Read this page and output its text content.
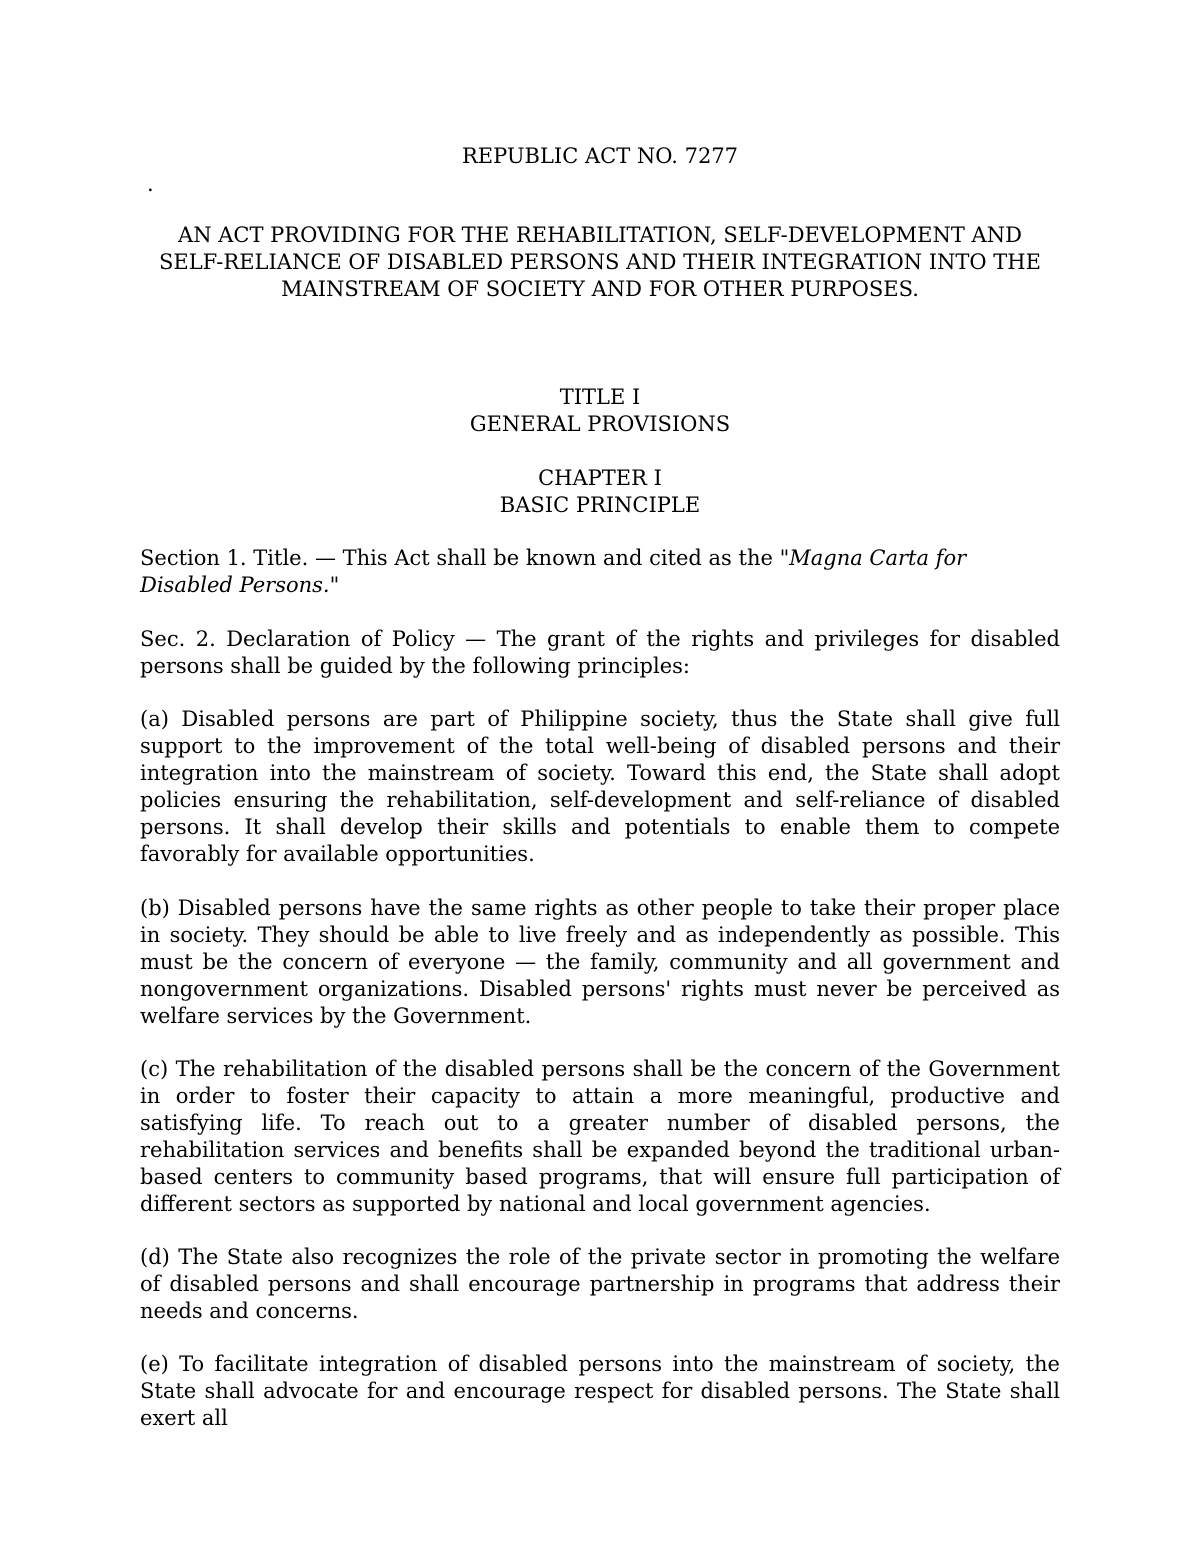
REPUBLIC ACT NO. 7277

.

AN ACT PROVIDING FOR THE REHABILITATION, SELF-DEVELOPMENT AND

SELF-RELIANCE OF DISABLED PERSONS AND THEIR INTEGRATION INTO THE

MAINSTREAM OF SOCIETY AND FOR OTHER PURPOSES.

TITLE I

GENERAL PROVISIONS

CHAPTER I

BASIC PRINCIPLE

Section 1. Title. — This Act shall be known and cited as the "Magna Carta for Disabled Persons."

Sec. 2. Declaration of Policy — The grant of the rights and privileges for disabled persons shall be guided by the following principles:

(a) Disabled persons are part of Philippine society, thus the State shall give full support to the improvement of the total well-being of disabled persons and their integration into the mainstream of society. Toward this end, the State shall adopt policies ensuring the rehabilitation, self-development and self-reliance of disabled persons. It shall develop their skills and potentials to enable them to compete favorably for available opportunities.

(b) Disabled persons have the same rights as other people to take their proper place in society. They should be able to live freely and as independently as possible. This must be the concern of everyone — the family, community and all government and nongovernment organizations. Disabled persons' rights must never be perceived as welfare services by the Government.

(c) The rehabilitation of the disabled persons shall be the concern of the Government in order to foster their capacity to attain a more meaningful, productive and satisfying life. To reach out to a greater number of disabled persons, the rehabilitation services and benefits shall be expanded beyond the traditional urban-based centers to community based programs, that will ensure full participation of different sectors as supported by national and local government agencies.

(d) The State also recognizes the role of the private sector in promoting the welfare of disabled persons and shall encourage partnership in programs that address their needs and concerns.

(e) To facilitate integration of disabled persons into the mainstream of society, the State shall advocate for and encourage respect for disabled persons. The State shall exert all
